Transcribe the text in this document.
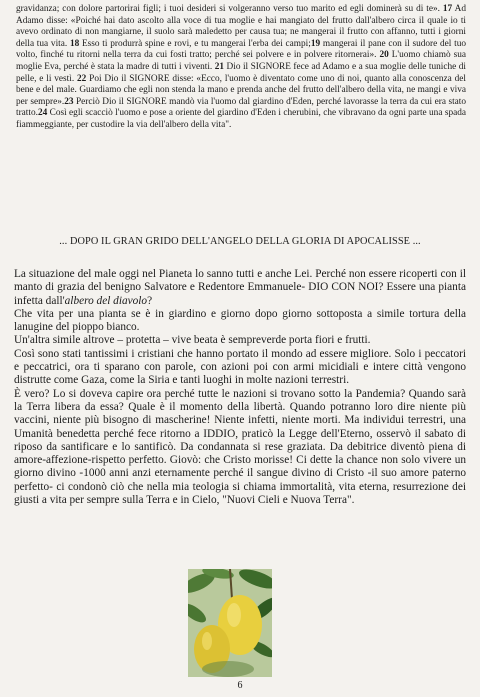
gravidanza; con dolore partorirai figli; i tuoi desideri si volgeranno verso tuo marito ed egli dominerà su di te». 17 Ad Adamo disse: «Poiché hai dato ascolto alla voce di tua moglie e hai mangiato del frutto dall'albero circa il quale io ti avevo ordinato di non mangiarne, il suolo sarà maledetto per causa tua; ne mangerai il frutto con affanno, tutti i giorni della tua vita. 18 Esso ti produrrà spine e rovi, e tu mangerai l'erba dei campi;19 mangerai il pane con il sudore del tuo volto, finché tu ritorni nella terra da cui fosti tratto; perché sei polvere e in polvere ritornerai». 20 L'uomo chiamò sua moglie Eva, perché è stata la madre di tutti i viventi. 21 Dio il SIGNORE fece ad Adamo e a sua moglie delle tuniche di pelle, e li vestì. 22 Poi Dio il SIGNORE disse: «Ecco, l'uomo è diventato come uno di noi, quanto alla conoscenza del bene e del male. Guardiamo che egli non stenda la mano e prenda anche del frutto dell'albero della vita, ne mangi e viva per sempre».23 Perciò Dio il SIGNORE mandò via l'uomo dal giardino d'Eden, perché lavorasse la terra da cui era stato tratto.24 Così egli scacciò l'uomo e pose a oriente del giardino d'Eden i cherubini, che vibravano da ogni parte una spada fiammeggiante, per custodire la via dell'albero della vita".

... DOPO IL GRAN GRIDO DELL'ANGELO DELLA GLORIA DI APOCALISSE ...

La situazione del male oggi nel Pianeta lo sanno tutti e anche Lei. Perché non essere ricoperti con il manto di grazia del benigno Salvatore e Redentore Emmanuele- DIO CON NOI? Essere una pianta infetta dall'albero del diavolo?

Che vita per una pianta se è in giardino e giorno dopo giorno sottoposta a simile tortura della lanugine del pioppo bianco.

Un'altra simile altrove – protetta – vive beata è sempreverde porta fiori e frutti.

Così sono stati tantissimi i cristiani che hanno portato il mondo ad essere migliore. Solo i peccatori e peccatrici, ora ti sparano con parole, con azioni poi con armi micidiali e intere città vengono distrutte come Gaza, come la Siria e tanti luoghi in molte nazioni terrestri.

È vero? Lo si doveva capire ora perché tutte le nazioni si trovano sotto la Pandemia? Quando sarà la Terra libera da essa? Quale è il momento della libertà. Quando potranno loro dire niente più vaccini, niente più bisogno di mascherine! Niente infetti, niente morti. Ma individui terrestri, una Umanità benedetta perché fece ritorno a IDDIO, praticò la Legge dell'Eterno, osservò il sabato di riposo da santificare e lo santificò. Da condannata si rese graziata. Da debitrice diventò piena di amore-affezione-rispetto perfetto. Giovò: che Cristo morisse! Ci dette la chance non solo vivere un giorno divino -1000 anni anzi eternamente perché il sangue divino di Cristo -il suo amore paterno perfetto- ci condonò ciò che nella mia teologia si chiama immortalità, vita eterna, resurrezione dei giusti a vita per sempre sulla Terra e in Cielo, "Nuovi Cieli e Nuova Terra".

6
